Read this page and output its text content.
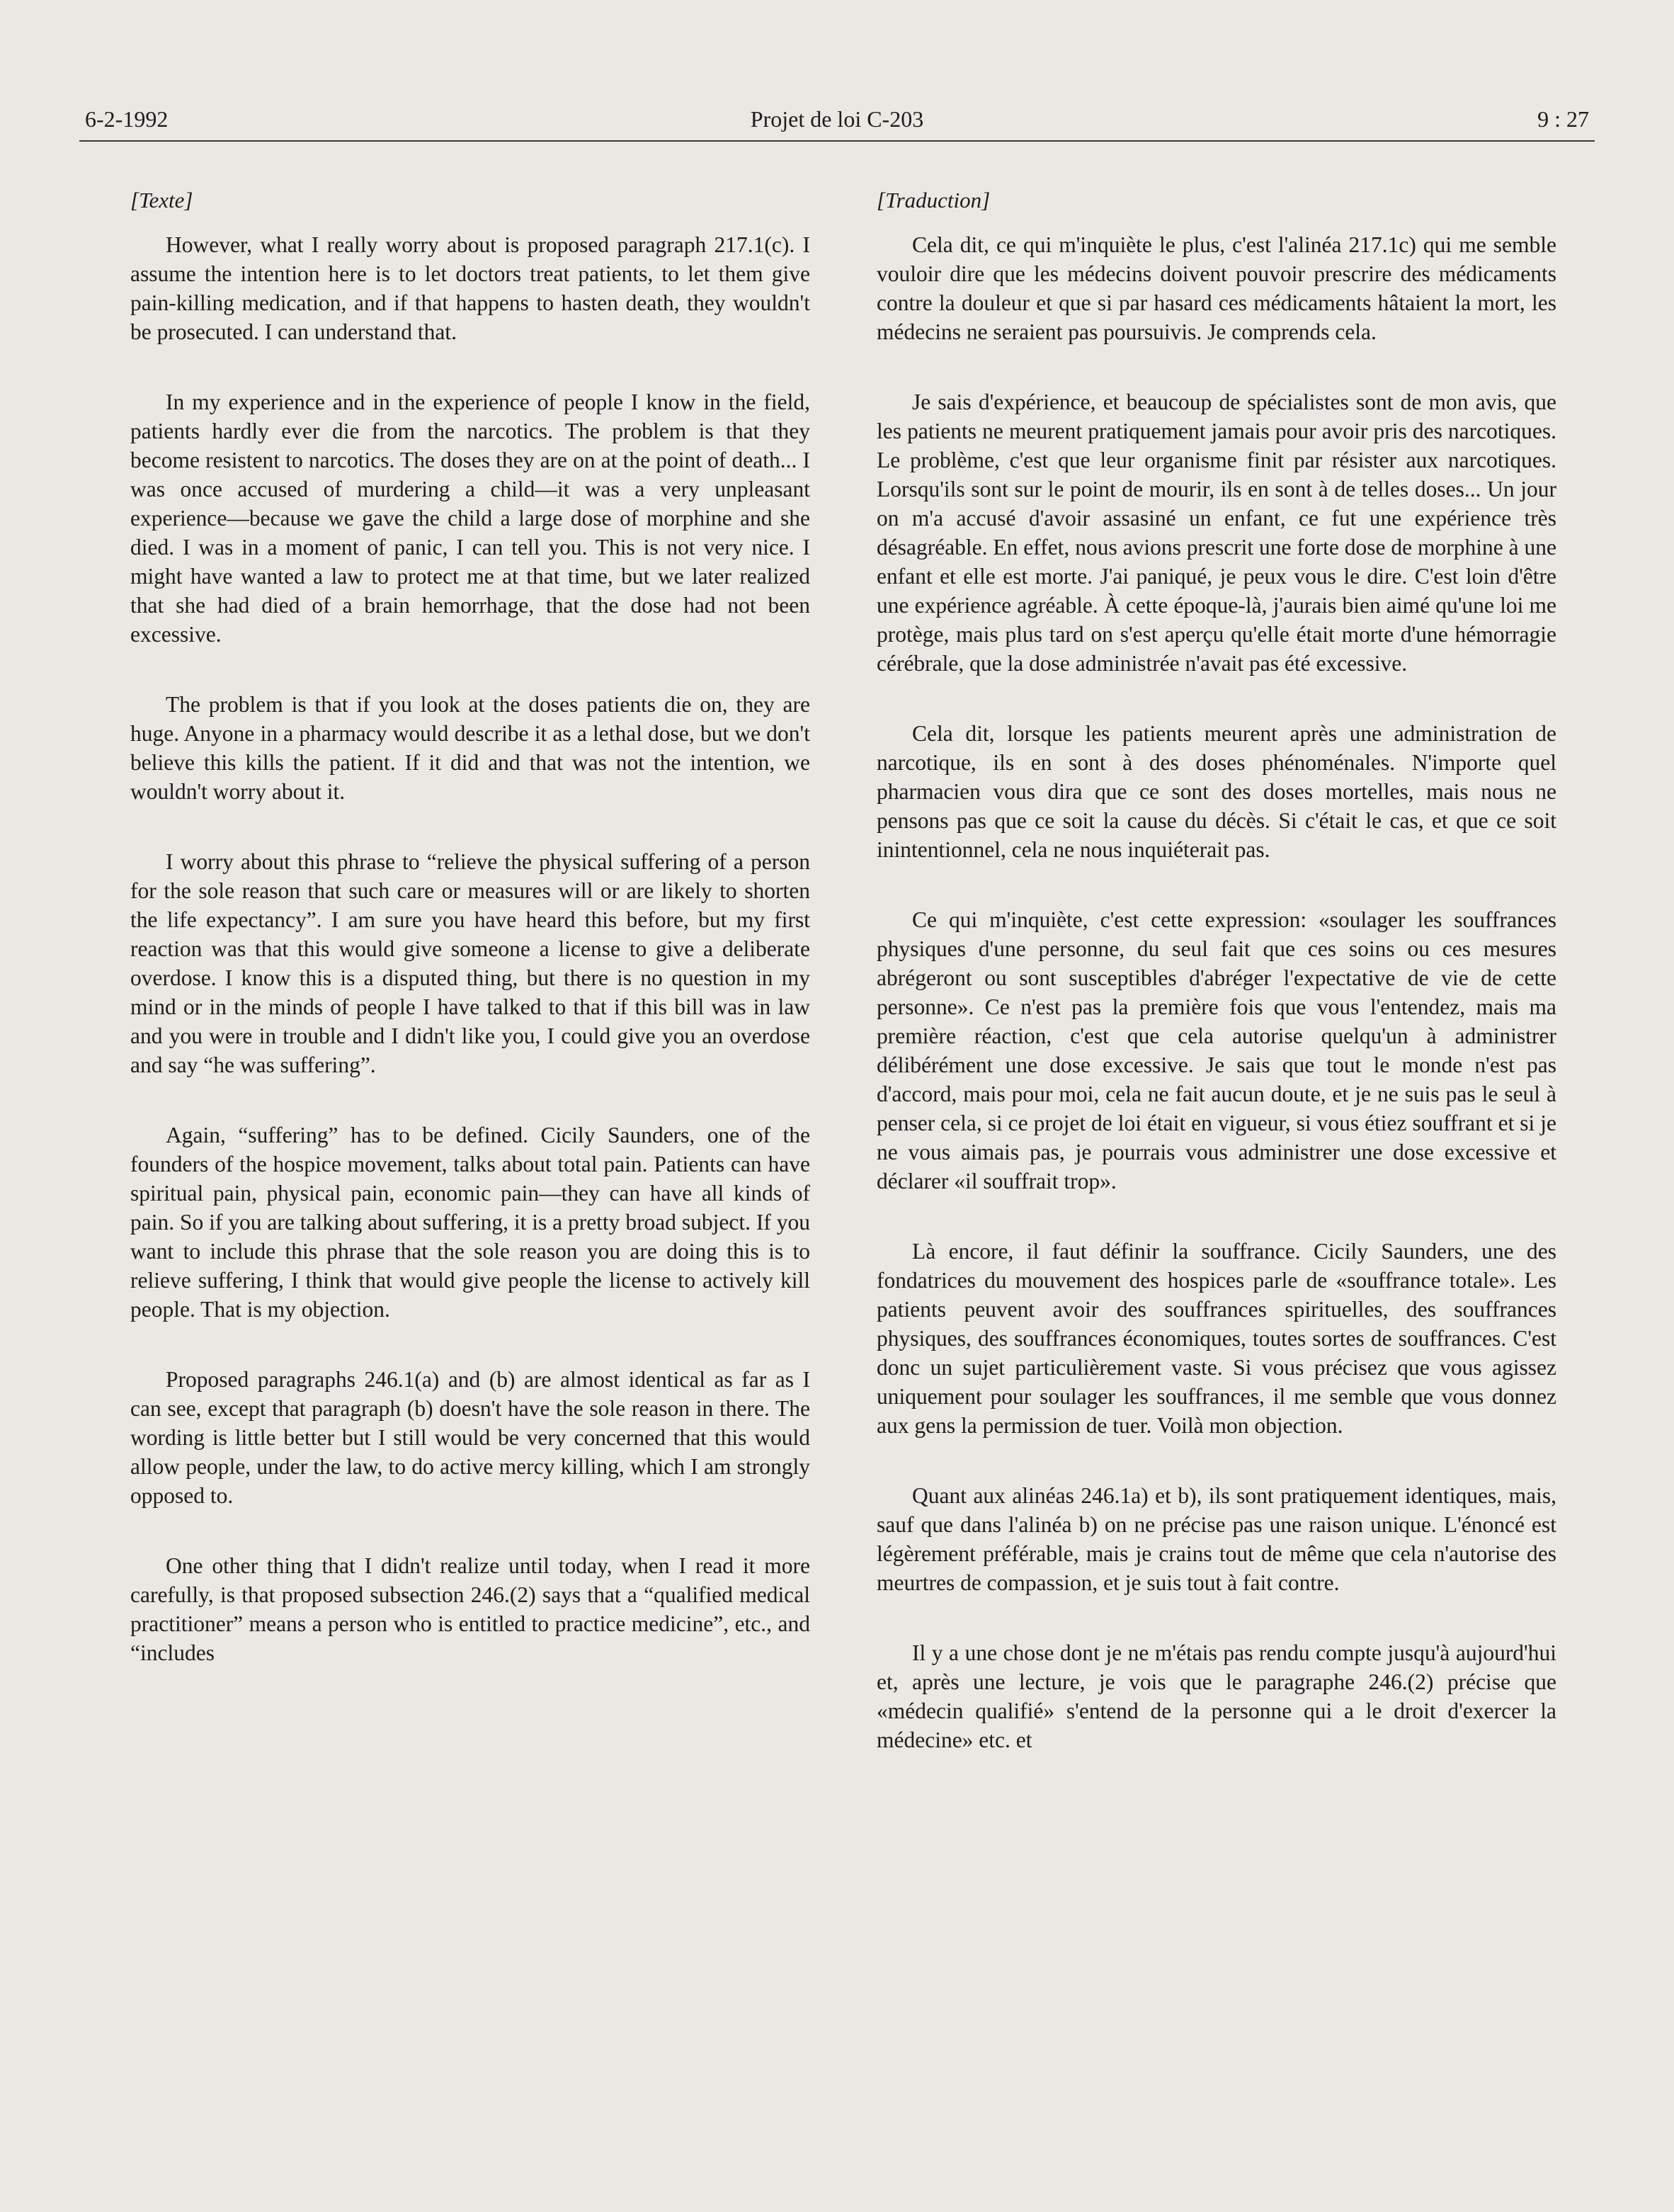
6-2-1992	Projet de loi C-203	9 : 27
[Texte]

However, what I really worry about is proposed paragraph 217.1(c). I assume the intention here is to let doctors treat patients, to let them give pain-killing medication, and if that happens to hasten death, they wouldn't be prosecuted. I can understand that.

In my experience and in the experience of people I know in the field, patients hardly ever die from the narcotics. The problem is that they become resistent to narcotics. The doses they are on at the point of death... I was once accused of murdering a child—it was a very unpleasant experience—because we gave the child a large dose of morphine and she died. I was in a moment of panic, I can tell you. This is not very nice. I might have wanted a law to protect me at that time, but we later realized that she had died of a brain hemorrhage, that the dose had not been excessive.

The problem is that if you look at the doses patients die on, they are huge. Anyone in a pharmacy would describe it as a lethal dose, but we don't believe this kills the patient. If it did and that was not the intention, we wouldn't worry about it.

I worry about this phrase to “relieve the physical suffering of a person for the sole reason that such care or measures will or are likely to shorten the life expectancy”. I am sure you have heard this before, but my first reaction was that this would give someone a license to give a deliberate overdose. I know this is a disputed thing, but there is no question in my mind or in the minds of people I have talked to that if this bill was in law and you were in trouble and I didn't like you, I could give you an overdose and say “he was suffering”.

Again, “suffering” has to be defined. Cicily Saunders, one of the founders of the hospice movement, talks about total pain. Patients can have spiritual pain, physical pain, economic pain—they can have all kinds of pain. So if you are talking about suffering, it is a pretty broad subject. If you want to include this phrase that the sole reason you are doing this is to relieve suffering, I think that would give people the license to actively kill people. That is my objection.

Proposed paragraphs 246.1(a) and (b) are almost identical as far as I can see, except that paragraph (b) doesn't have the sole reason in there. The wording is little better but I still would be very concerned that this would allow people, under the law, to do active mercy killing, which I am strongly opposed to.

One other thing that I didn't realize until today, when I read it more carefully, is that proposed subsection 246.(2) says that a “qualified medical practitioner” means a person who is entitled to practice medicine”, etc., and “includes

[Traduction]

Cela dit, ce qui m'inquiète le plus, c'est l'alinéa 217.1c) qui me semble vouloir dire que les médecins doivent pouvoir prescrire des médicaments contre la douleur et que si par hasard ces médicaments hâtaient la mort, les médecins ne seraient pas poursuivis. Je comprends cela.

Je sais d'expérience, et beaucoup de spécialistes sont de mon avis, que les patients ne meurent pratiquement jamais pour avoir pris des narcotiques. Le problème, c'est que leur organisme finit par résister aux narcotiques. Lorsqu'ils sont sur le point de mourir, ils en sont à de telles doses... Un jour on m'a accusé d'avoir assasiné un enfant, ce fut une expérience très désagréable. En effet, nous avions prescrit une forte dose de morphine à une enfant et elle est morte. J'ai paniqué, je peux vous le dire. C'est loin d'être une expérience agréable. À cette époque-là, j'aurais bien aimé qu'une loi me protège, mais plus tard on s'est aperçu qu'elle était morte d'une hémorragie cérébrale, que la dose administrée n'avait pas été excessive.

Cela dit, lorsque les patients meurent après une administration de narcotique, ils en sont à des doses phénoménales. N'importe quel pharmacien vous dira que ce sont des doses mortelles, mais nous ne pensons pas que ce soit la cause du décès. Si c'était le cas, et que ce soit inintentionnel, cela ne nous inquiéterait pas.

Ce qui m'inquiète, c'est cette expression: «soulager les souffrances physiques d'une personne, du seul fait que ces soins ou ces mesures abrégeront ou sont susceptibles d'abréger l'expectative de vie de cette personne». Ce n'est pas la première fois que vous l'entendez, mais ma première réaction, c'est que cela autorise quelqu'un à administrer délibérément une dose excessive. Je sais que tout le monde n'est pas d'accord, mais pour moi, cela ne fait aucun doute, et je ne suis pas le seul à penser cela, si ce projet de loi était en vigueur, si vous étiez souffrant et si je ne vous aimais pas, je pourrais vous administrer une dose excessive et déclarer «il souffrait trop».

Là encore, il faut définir la souffrance. Cicily Saunders, une des fondatrices du mouvement des hospices parle de «souffrance totale». Les patients peuvent avoir des souffrances spirituelles, des souffrances physiques, des souffrances économiques, toutes sortes de souffrances. C'est donc un sujet particulièrement vaste. Si vous précisez que vous agissez uniquement pour soulager les souffrances, il me semble que vous donnez aux gens la permission de tuer. Voilà mon objection.

Quant aux alinéas 246.1a) et b), ils sont pratiquement identiques, mais, sauf que dans l'alinéa b) on ne précise pas une raison unique. L'énoncé est légèrement préférable, mais je crains tout de même que cela n'autorise des meurtres de compassion, et je suis tout à fait contre.

Il y a une chose dont je ne m'étais pas rendu compte jusqu'à aujourd'hui et, après une lecture, je vois que le paragraphe 246.(2) précise que «médecin qualifié» s'entend de la personne qui a le droit d'exercer la médecine» etc. et
